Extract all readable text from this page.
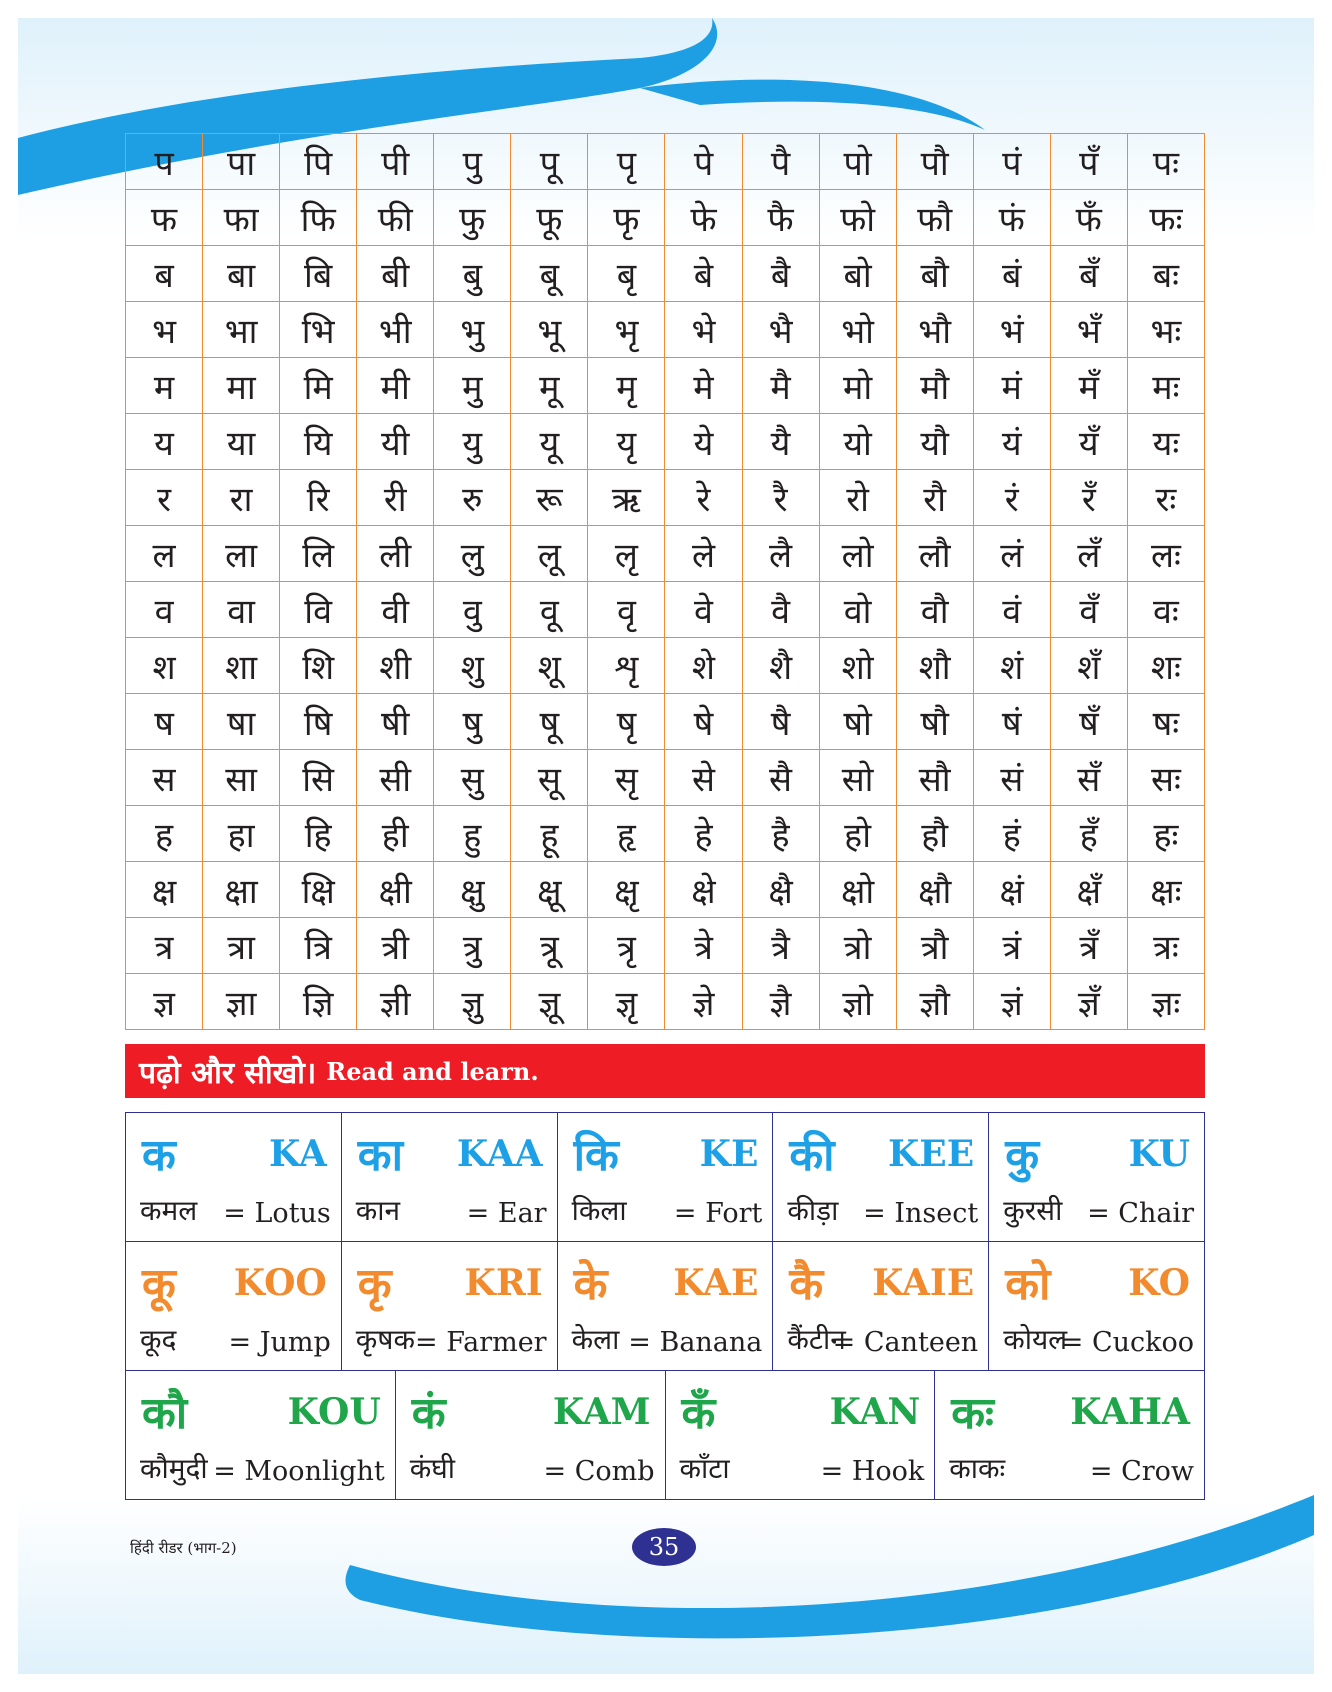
प	पा	पि	पी	पु	पू	पृ	पे	पै	पो	पौ	पं	पँ	पः
फ	फा	फि	फी	फु	फू	फृ	फे	फै	फो	फौ	फं	फँ	फः
ब	बा	बि	बी	बु	बू	बृ	बे	बै	बो	बौ	बं	बँ	बः
भ	भा	भि	भी	भु	भू	भृ	भे	भै	भो	भौ	भं	भँ	भः
म	मा	मि	मी	मु	मू	मृ	मे	मै	मो	मौ	मं	मँ	मः
य	या	यि	यी	यु	यू	यृ	ये	यै	यो	यौ	यं	यँ	यः
र	रा	रि	री	रु	रू	ऋ	रे	रै	रो	रौ	रं	रँ	रः
ल	ला	लि	ली	लु	लू	लृ	ले	लै	लो	लौ	लं	लँ	लः
व	वा	वि	वी	वु	वू	वृ	वे	वै	वो	वौ	वं	वँ	वः
श	शा	शि	शी	शु	शू	शृ	शे	शै	शो	शौ	शं	शँ	शः
ष	षा	षि	षी	षु	षू	षृ	षे	षै	षो	षौ	षं	षँ	षः
स	सा	सि	सी	सु	सू	सृ	से	सै	सो	सौ	सं	सँ	सः
ह	हा	हि	ही	हु	हू	हृ	हे	है	हो	हौ	हं	हँ	हः
क्ष	क्षा	क्षि	क्षी	क्षु	क्षू	क्षृ	क्षे	क्षै	क्षो	क्षौ	क्षं	क्षँ	क्षः
त्र	त्रा	त्रि	त्री	त्रु	त्रू	त्रृ	त्रे	त्रै	त्रो	त्रौ	त्रं	त्रँ	त्रः
ज्ञ	ज्ञा	ज्ञि	ज्ञी	ज्ञु	ज्ञू	ज्ञृ	ज्ञे	ज्ञै	ज्ञो	ज्ञौ	ज्ञं	ज्ञँ	ज्ञः
पढ़ो और सीखो। Read and learn.
क	KA
कमल = Lotus
का KAA
कान = Ear
कि KE
किला = Fort
की KEE
कीड़ा = Insect
कु KU
कुरसी = Chair
कू KOO
कूद = Jump
कृ KRI
कृषक = Farmer
के KAE
केला = Banana
कै KAIE
कैंटीन
= Canteen
को KO
कोयल
= Cuckoo
कौ	KOU
कौमुदी = Moonlight
कं	KAM
कंघी	= Comb
कँ	KAN
काँटा	= Hook
कः KAHA
काकः	= Crow
हिंदी रीडर (भाग-2)	35
